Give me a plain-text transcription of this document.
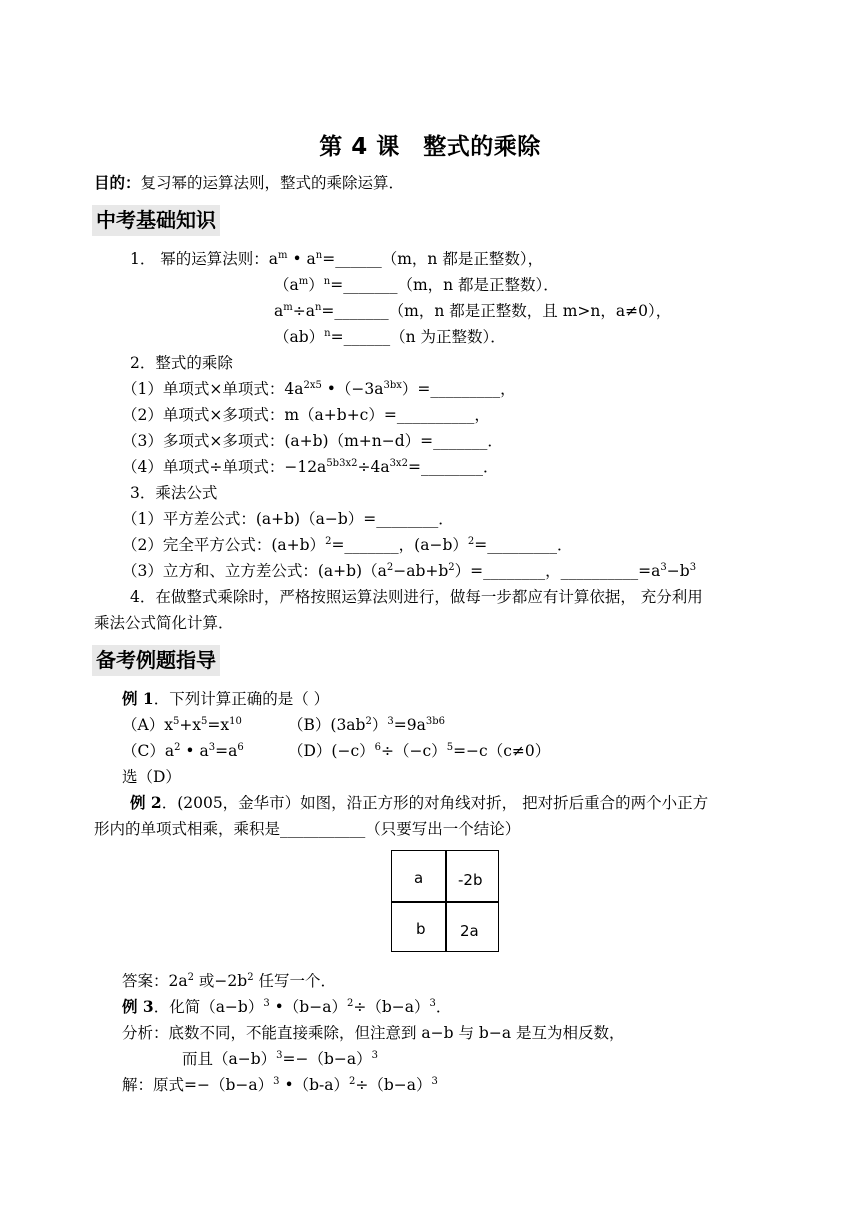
第 4 课　整式的乘除
目的：复习幂的运算法则，整式的乘除运算．
中考基础知识
1． 幂的运算法则：$a^m$ • $a^n=\_\_\_\_\_\_(m$，n 都是正整数），
$(a^m)^n=\_\_\_\_\_\_\_(m$，n 都是正整数）．
$a^m\div a^n=\_\_\_\_\_\_\_(m$，n 都是正整数，且 m>n，a≠0），
（ab）$^n$=______（n 为正整数）．
2．整式的乘除
（1）单项式×单项式：$4a^{2x5}$ $•(-3a^{3bx})=\_\_\_\_\_\_\_\_\_$，
（2）单项式×多项式：m（a+b+c）=__________，
（3）多项式×多项式：(a+b)（m+n−d）=_______．
（4）单项式÷单项式：$-12a^{5b3x2}\div 4a^{3x2}=\_\_\_\_\_\_\_\_$．
3．乘法公式
（1）平方差公式：(a+b)（a−b）=________．
（2）完全平方公式：(a+b）$^2$=_______，(a−b）$^2$=_________．
（3）立方和、立方差公式：$(a+b)(a^2-ab+b^2)=\_\_\_\_\_\_\_\_$，$\_\_\_\_\_\_\_\_\_\_=a^3-b^3$
4．在做整式乘除时，严格按照运算法则进行，做每一步都应有计算依据， 充分利用
乘法公式简化计算．
备考例题指导
例 1．下列计算正确的是（ ）
$(A)x^5+x^5=x^{10}$	$(B)(3ab^2)^3=9a^{3b6}$
$(C)a^2$ • $a^3=a^6$	$(D)(-c)^6\div(-c)^5=-c(c\ne 0)$
选（D）
例 2．(2005，金华市）如图，沿正方形的对角线对折， 把对折后重合的两个小正方
形内的单项式相乘，乘积是___________（只要写出一个结论）
a -2b
b 2a
答案：$2a^2$ 或$-2b^2$ 任写一个．
例 3．化简$(a-b)^3$ $•(b-a)^2\div(b-a)^3$．
分析：底数不同，不能直接乘除，但注意到 a−b 与 b−a 是互为相反数，
而且$(a-b)^3=-(b-a)^3$
解：原式$=-(b-a)^3$ $•(b-a)^2\div(b-a)^3$
